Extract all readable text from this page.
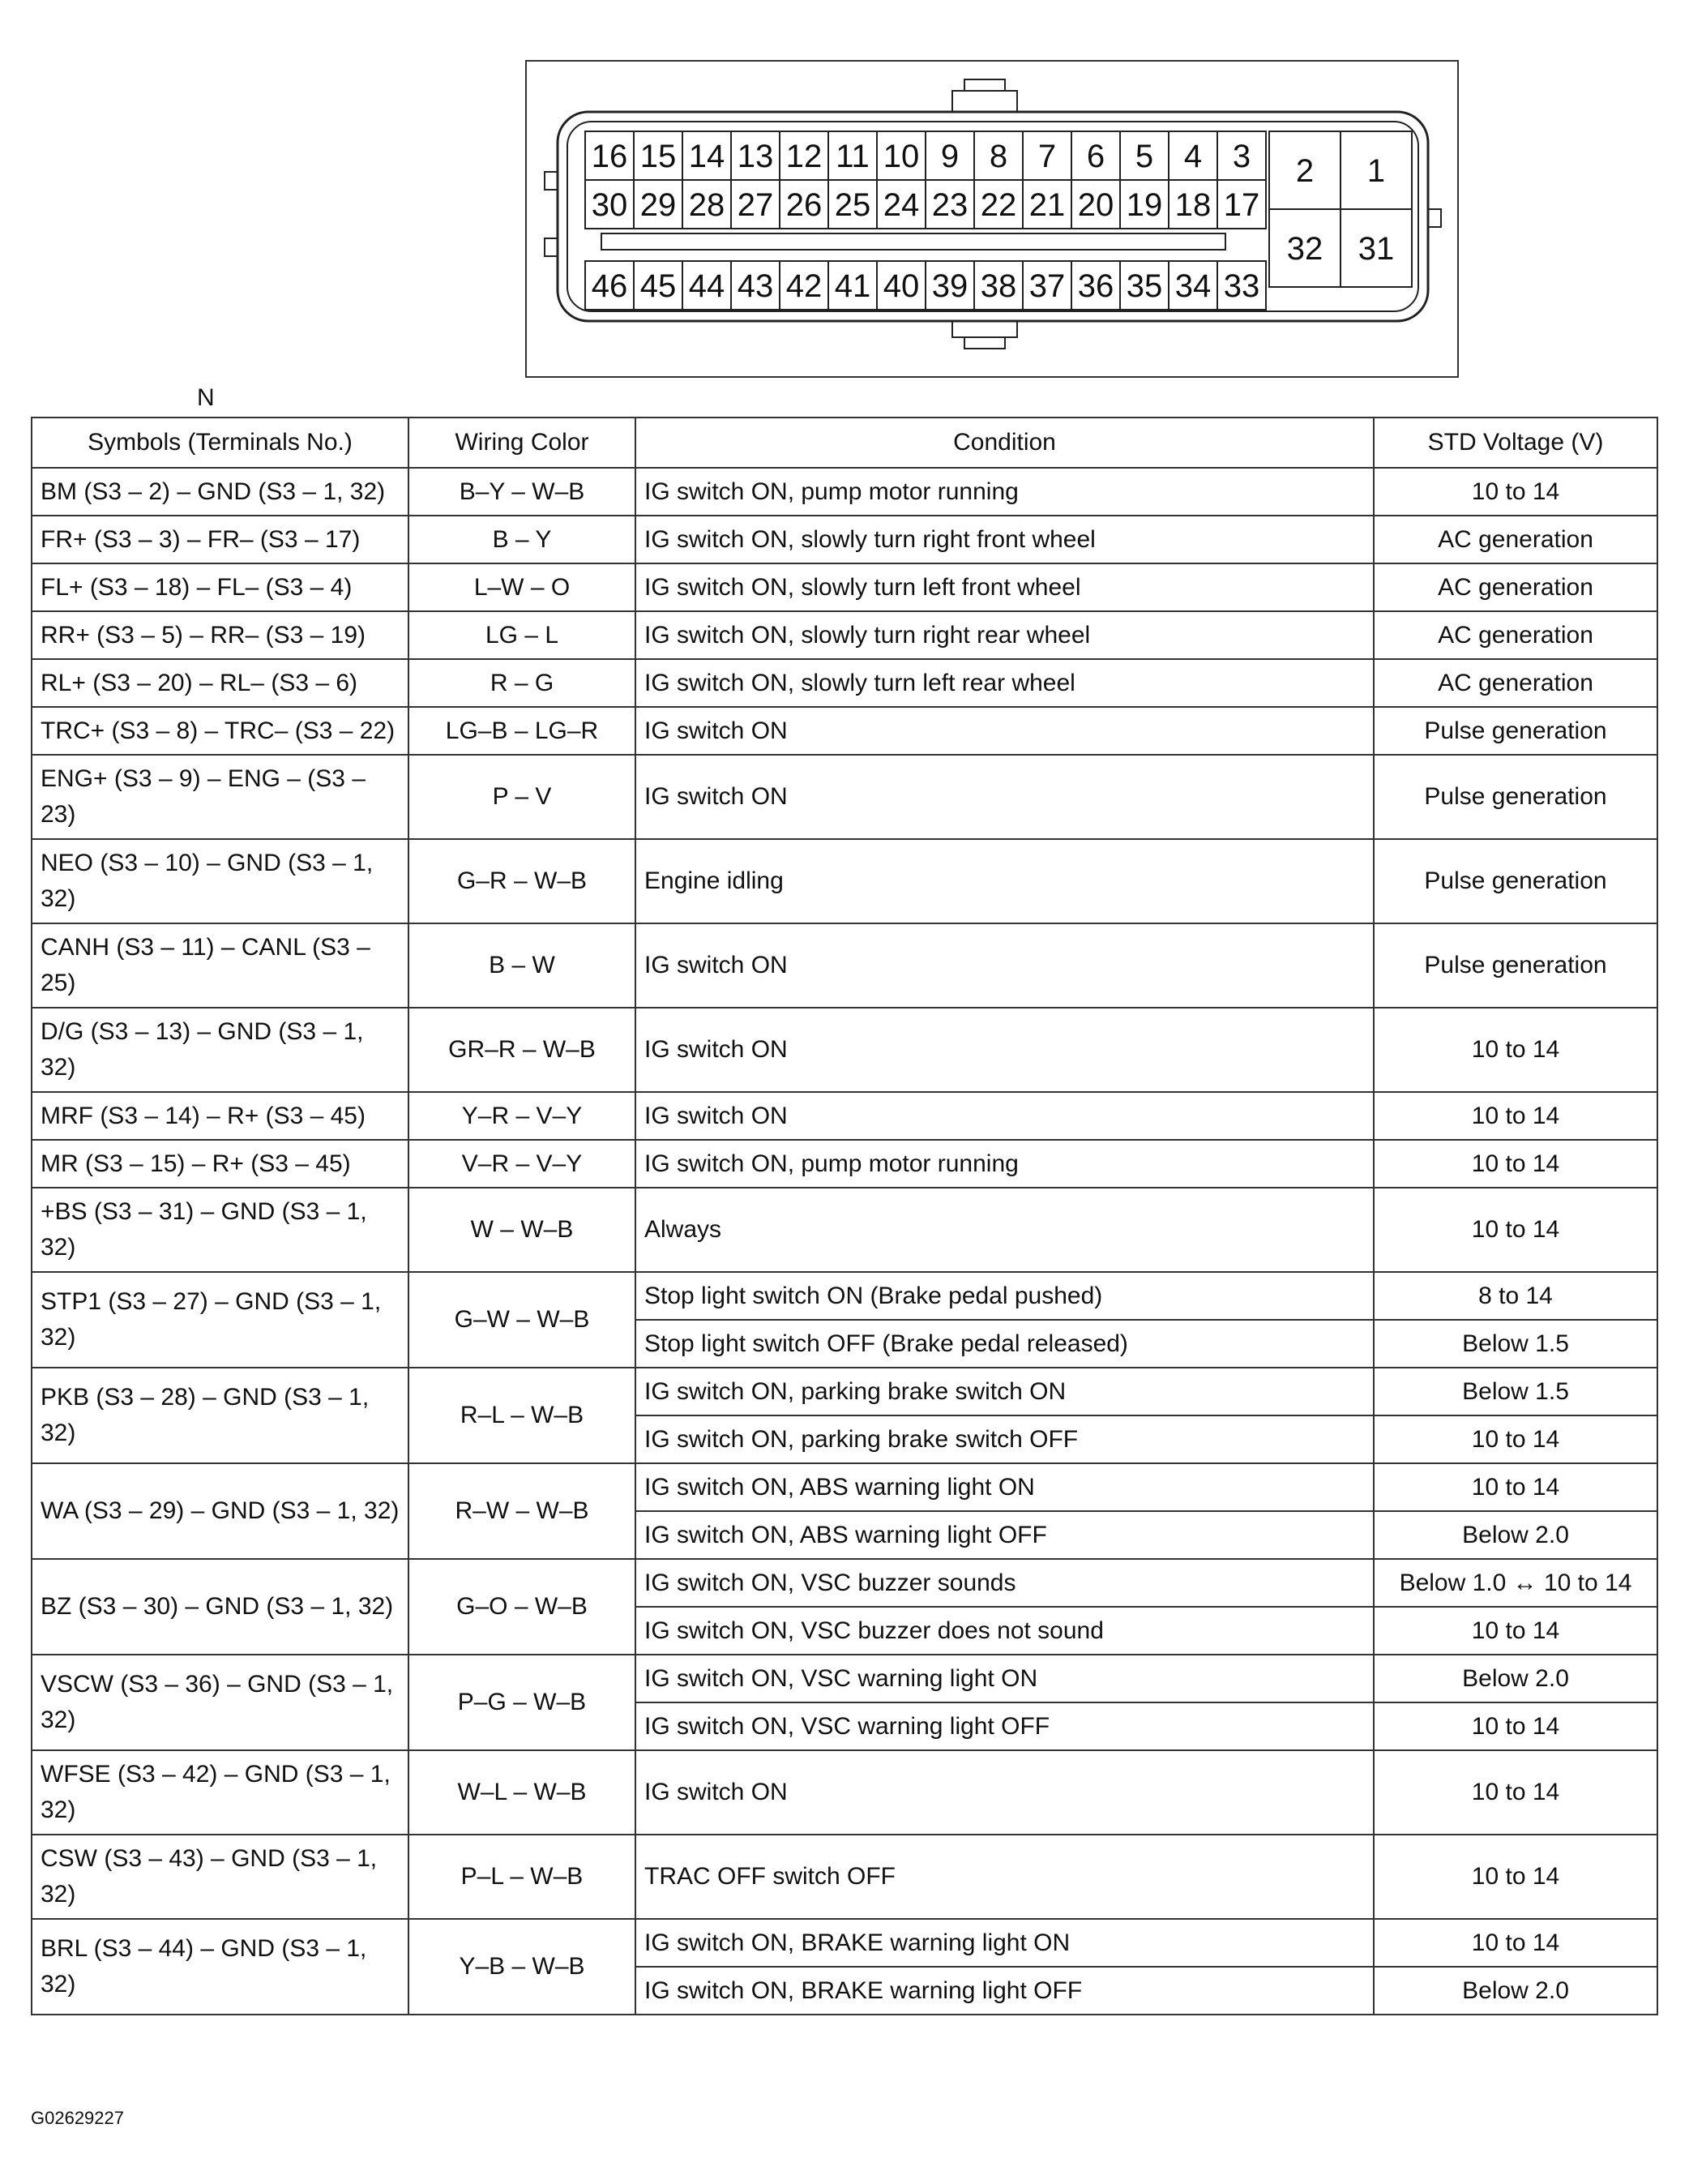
16 15 14 13 12 11 10 9 8 7 6 5 4 3
30 29 28 27 26 25 24 23 22 21 20 19 18 17
46 45 44 43 42 41 40 39 38 37 36 35 34 33
2 1
32 31
N
Symbols (Terminals No.)	Wiring Color	Condition	STD Voltage (V)
BM (S3 – 2) – GND (S3 – 1, 32)	B–Y – W–B	IG switch ON, pump motor running	10 to 14
FR+ (S3 – 3) – FR– (S3 – 17)	B – Y	IG switch ON, slowly turn right front wheel	AC generation
FL+ (S3 – 18) – FL– (S3 – 4)	L–W – O	IG switch ON, slowly turn left front wheel	AC generation
RR+ (S3 – 5) – RR– (S3 – 19)	LG – L	IG switch ON, slowly turn right rear wheel	AC generation
RL+ (S3 – 20) – RL– (S3 – 6)	R – G	IG switch ON, slowly turn left rear wheel	AC generation
TRC+ (S3 – 8) – TRC– (S3 – 22)	LG–B – LG–R	IG switch ON	Pulse generation
ENG+ (S3 – 9) – ENG – (S3 – 23)	P – V	IG switch ON	Pulse generation
NEO (S3 – 10) – GND (S3 – 1, 32)	G–R – W–B	Engine idling	Pulse generation
CANH (S3 – 11) – CANL (S3 – 25)	B – W	IG switch ON	Pulse generation
D/G (S3 – 13) – GND (S3 – 1, 32)	GR–R – W–B	IG switch ON	10 to 14
MRF (S3 – 14) – R+ (S3 – 45)	Y–R – V–Y	IG switch ON	10 to 14
MR (S3 – 15) – R+ (S3 – 45)	V–R – V–Y	IG switch ON, pump motor running	10 to 14
+BS (S3 – 31) – GND (S3 – 1, 32)	W – W–B	Always	10 to 14
STP1 (S3 – 27) – GND (S3 – 1, 32)	G–W – W–B	Stop light switch ON (Brake pedal pushed)	8 to 14
		Stop light switch OFF (Brake pedal released)	Below 1.5
PKB (S3 – 28) – GND (S3 – 1, 32)	R–L – W–B	IG switch ON, parking brake switch ON	Below 1.5
		IG switch ON, parking brake switch OFF	10 to 14
WA (S3 – 29) – GND (S3 – 1, 32)	R–W – W–B	IG switch ON, ABS warning light ON	10 to 14
		IG switch ON, ABS warning light OFF	Below 2.0
BZ (S3 – 30) – GND (S3 – 1, 32)	G–O – W–B	IG switch ON, VSC buzzer sounds	Below 1.0 ↔ 10 to 14
		IG switch ON, VSC buzzer does not sound	10 to 14
VSCW (S3 – 36) – GND (S3 – 1, 32)	P–G – W–B	IG switch ON, VSC warning light ON	Below 2.0
		IG switch ON, VSC warning light OFF	10 to 14
WFSE (S3 – 42) – GND (S3 – 1, 32)	W–L – W–B	IG switch ON	10 to 14
CSW (S3 – 43) – GND (S3 – 1, 32)	P–L – W–B	TRAC OFF switch OFF	10 to 14
BRL (S3 – 44) – GND (S3 – 1, 32)	Y–B – W–B	IG switch ON, BRAKE warning light ON	10 to 14
		IG switch ON, BRAKE warning light OFF	Below 2.0
G02629227
